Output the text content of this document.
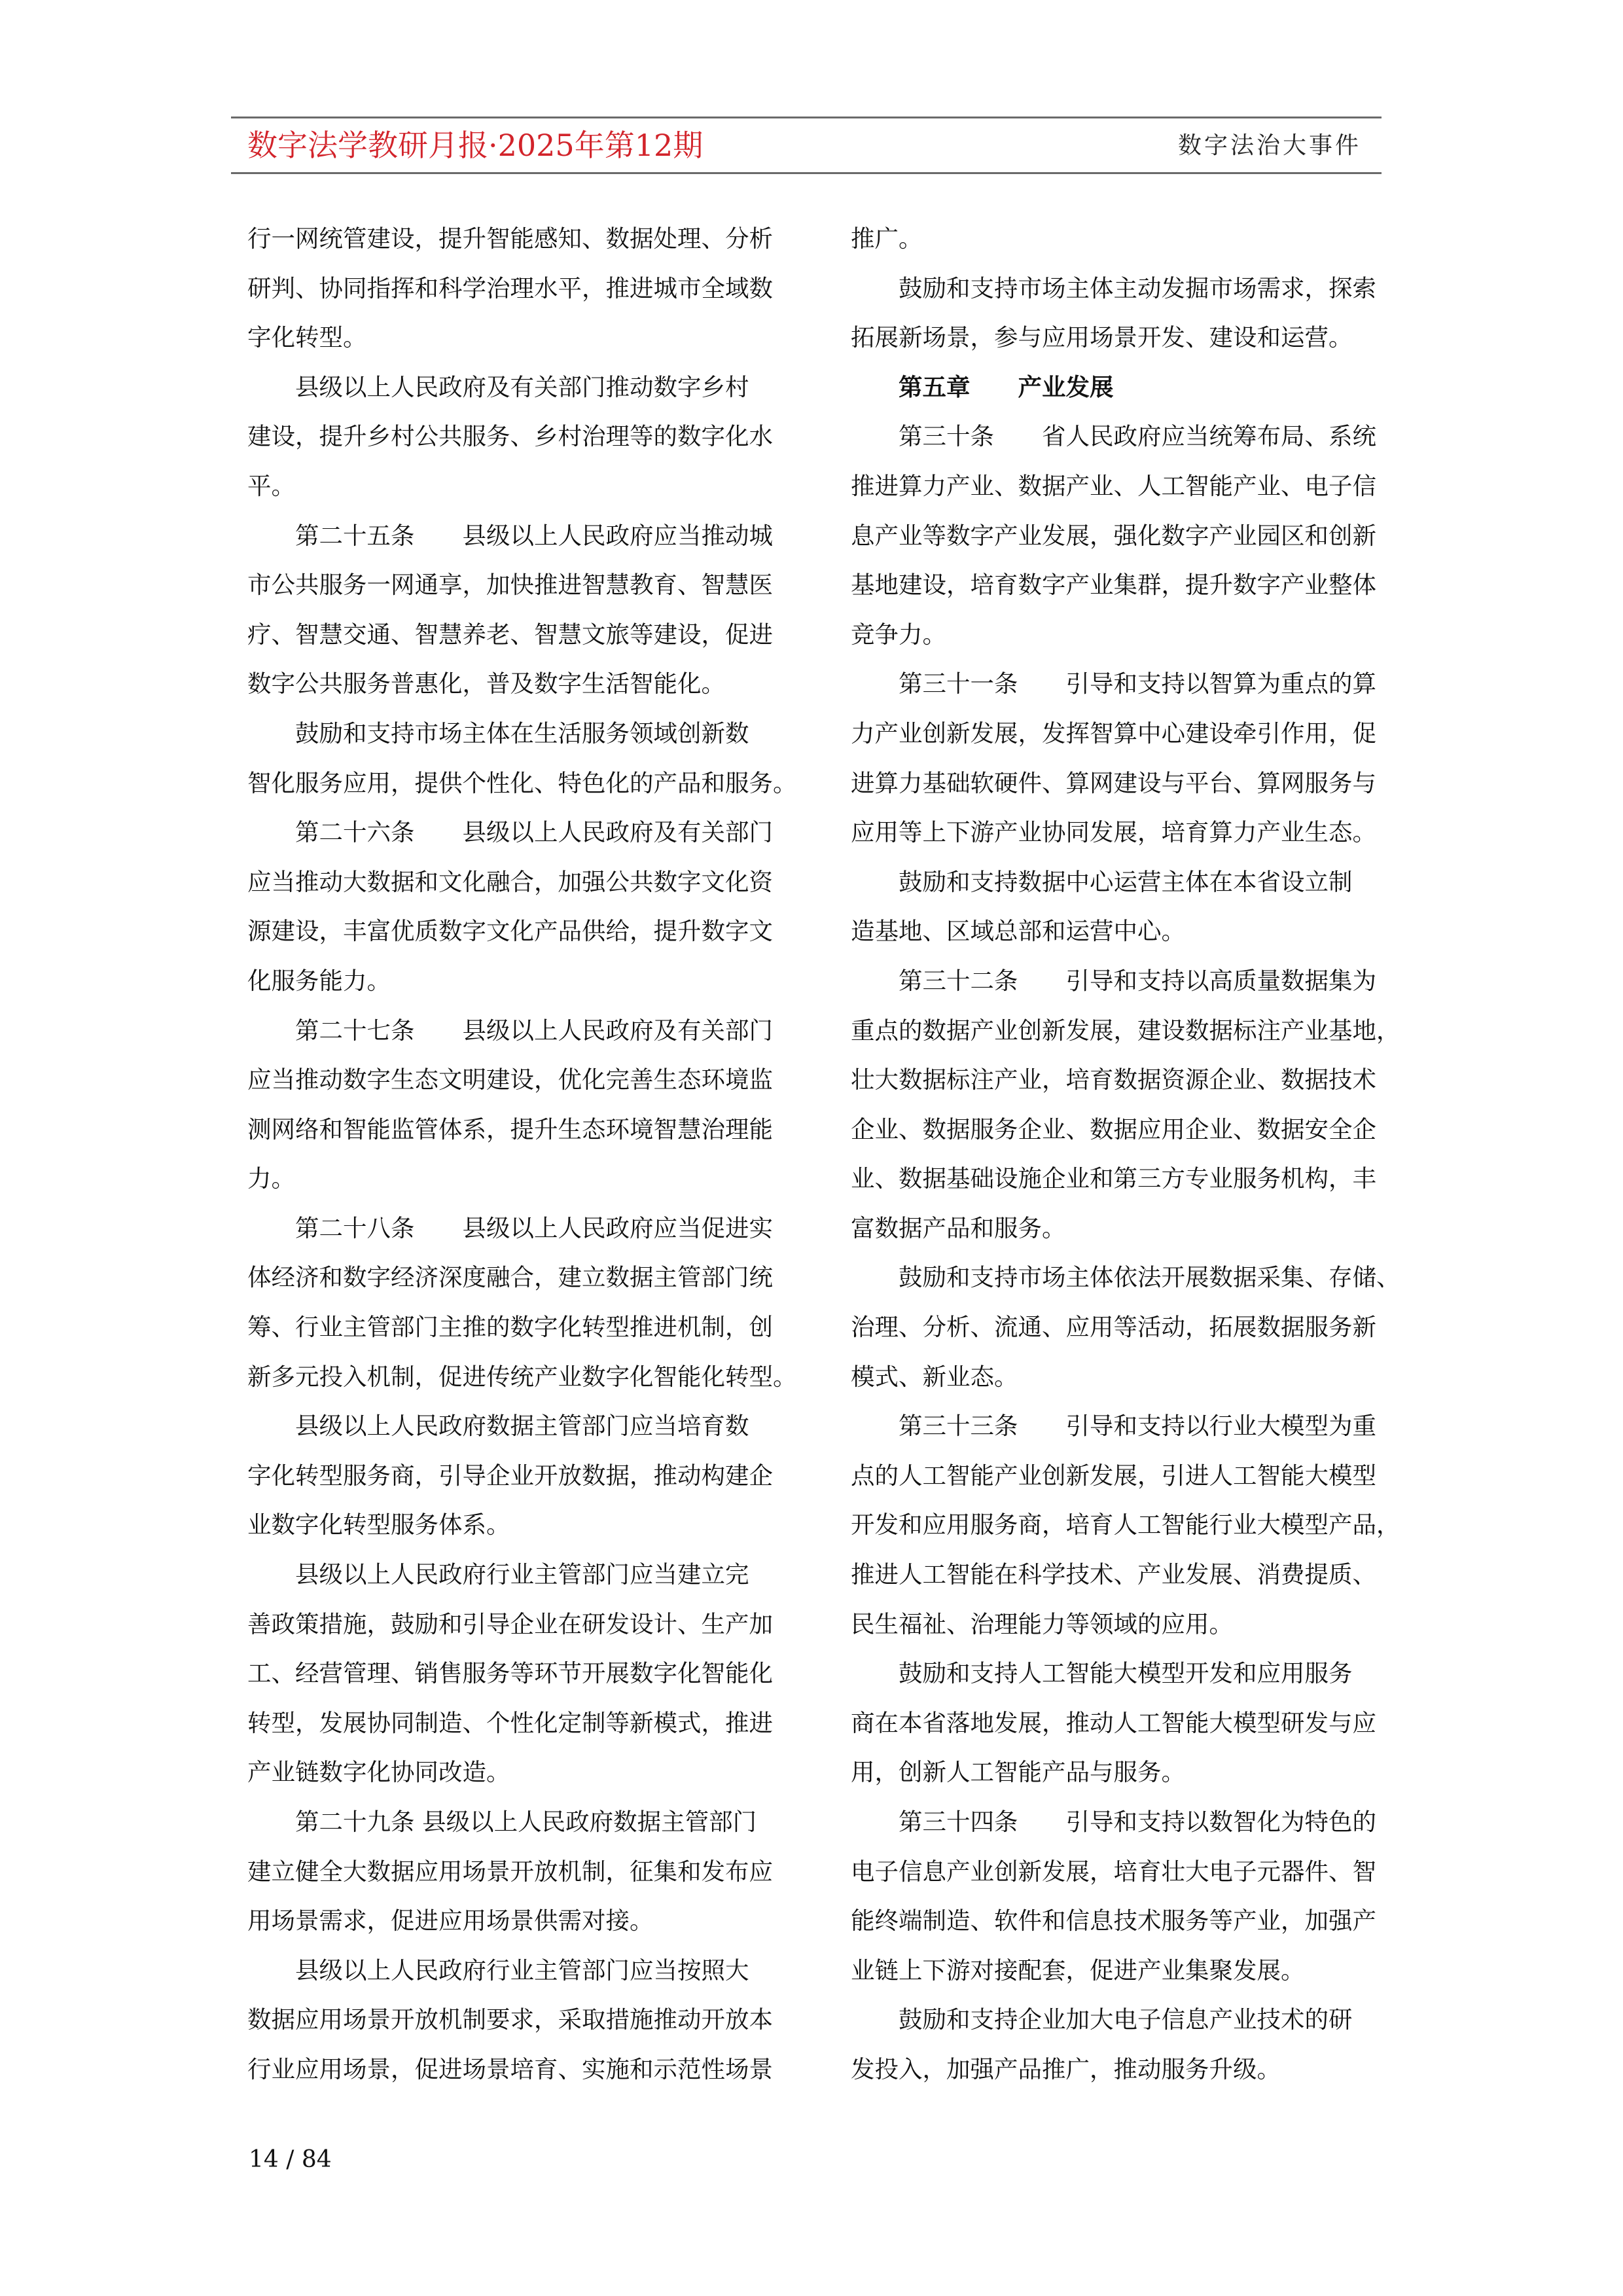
数字法学教研月报·2025年第12期	数字法治大事件

行一网统管建设，提升智能感知、数据处理、分析

研判、协同指挥和科学治理水平，推进城市全域数

字化转型。

　　县级以上人民政府及有关部门推动数字乡村

建设，提升乡村公共服务、乡村治理等的数字化水

平。

　　第二十五条　　县级以上人民政府应当推动城

市公共服务一网通享，加快推进智慧教育、智慧医

疗、智慧交通、智慧养老、智慧文旅等建设，促进

数字公共服务普惠化，普及数字生活智能化。

　　鼓励和支持市场主体在生活服务领域创新数

智化服务应用，提供个性化、特色化的产品和服务。

　　第二十六条　　县级以上人民政府及有关部门

应当推动大数据和文化融合，加强公共数字文化资

源建设，丰富优质数字文化产品供给，提升数字文

化服务能力。

　　第二十七条　　县级以上人民政府及有关部门

应当推动数字生态文明建设，优化完善生态环境监

测网络和智能监管体系，提升生态环境智慧治理能

力。

　　第二十八条　　县级以上人民政府应当促进实

体经济和数字经济深度融合，建立数据主管部门统

筹、行业主管部门主推的数字化转型推进机制，创

新多元投入机制，促进传统产业数字化智能化转型。

　　县级以上人民政府数据主管部门应当培育数

字化转型服务商，引导企业开放数据，推动构建企

业数字化转型服务体系。

　　县级以上人民政府行业主管部门应当建立完

善政策措施，鼓励和引导企业在研发设计、生产加

工、经营管理、销售服务等环节开展数字化智能化

转型，发展协同制造、个性化定制等新模式，推进

产业链数字化协同改造。

　　第二十九条 县级以上人民政府数据主管部门

建立健全大数据应用场景开放机制，征集和发布应

用场景需求，促进应用场景供需对接。

　　县级以上人民政府行业主管部门应当按照大

数据应用场景开放机制要求，采取措施推动开放本

行业应用场景，促进场景培育、实施和示范性场景

推广。

　　鼓励和支持市场主体主动发掘市场需求，探索

拓展新场景，参与应用场景开发、建设和运营。

　　第五章　　产业发展

　　第三十条　　省人民政府应当统筹布局、系统

推进算力产业、数据产业、人工智能产业、电子信

息产业等数字产业发展，强化数字产业园区和创新

基地建设，培育数字产业集群，提升数字产业整体

竞争力。

　　第三十一条　　引导和支持以智算为重点的算

力产业创新发展，发挥智算中心建设牵引作用，促

进算力基础软硬件、算网建设与平台、算网服务与

应用等上下游产业协同发展，培育算力产业生态。

　　鼓励和支持数据中心运营主体在本省设立制

造基地、区域总部和运营中心。

　　第三十二条　　引导和支持以高质量数据集为

重点的数据产业创新发展，建设数据标注产业基地，

壮大数据标注产业，培育数据资源企业、数据技术

企业、数据服务企业、数据应用企业、数据安全企

业、数据基础设施企业和第三方专业服务机构，丰

富数据产品和服务。

　　鼓励和支持市场主体依法开展数据采集、存储、

治理、分析、流通、应用等活动，拓展数据服务新

模式、新业态。

　　第三十三条　　引导和支持以行业大模型为重

点的人工智能产业创新发展，引进人工智能大模型

开发和应用服务商，培育人工智能行业大模型产品，

推进人工智能在科学技术、产业发展、消费提质、

民生福祉、治理能力等领域的应用。

　　鼓励和支持人工智能大模型开发和应用服务

商在本省落地发展，推动人工智能大模型研发与应

用，创新人工智能产品与服务。

　　第三十四条　　引导和支持以数智化为特色的

电子信息产业创新发展，培育壮大电子元器件、智

能终端制造、软件和信息技术服务等产业，加强产

业链上下游对接配套，促进产业集聚发展。

　　鼓励和支持企业加大电子信息产业技术的研

发投入，加强产品推广，推动服务升级。

14 / 84
